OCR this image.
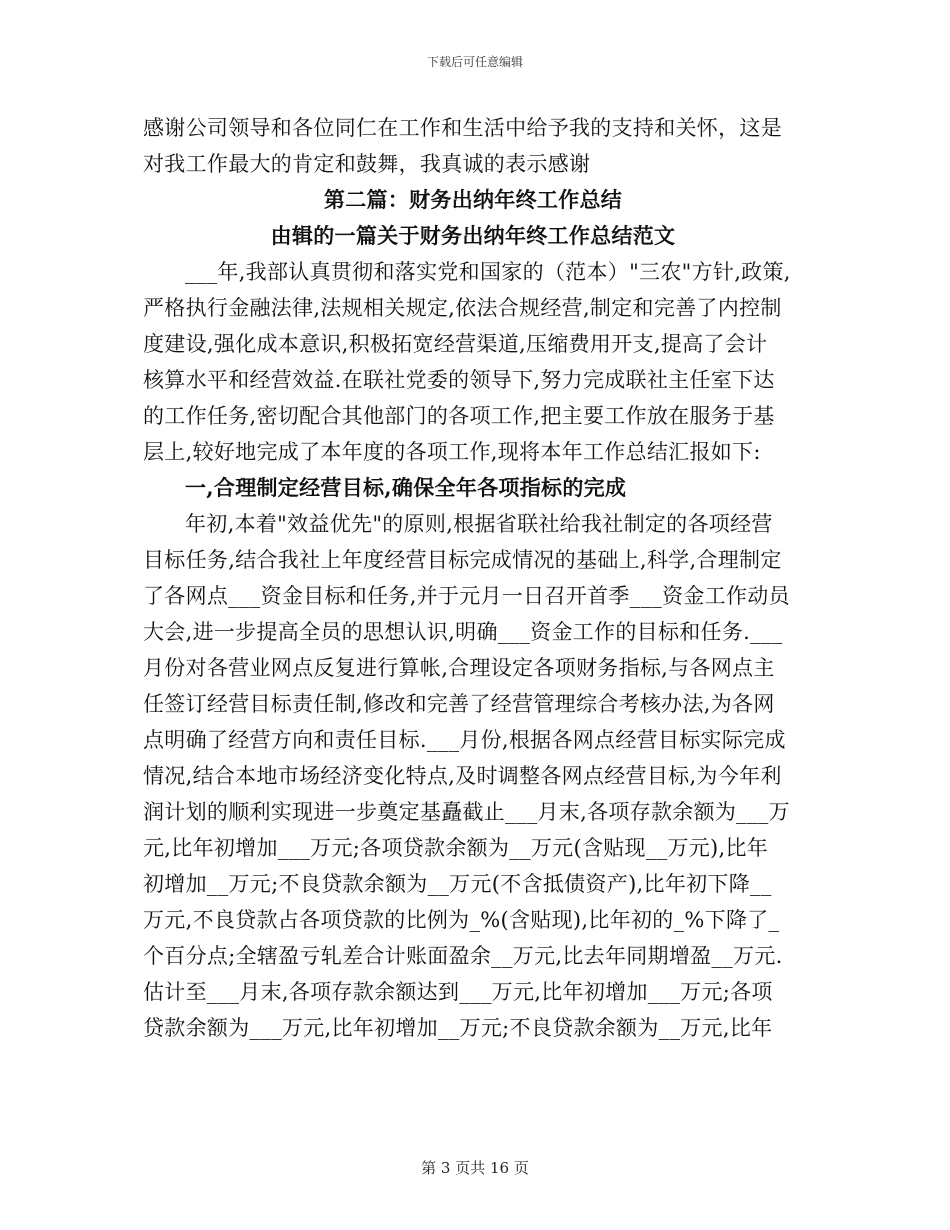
下载后可任意编辑
感谢公司领导和各位同仁在工作和生活中给予我的支持和关怀，这是
对我工作最大的肯定和鼓舞，我真诚的表示感谢
第二篇：财务出纳年终工作总结
由辑的一篇关于财务出纳年终工作总结范文
___年,我部认真贯彻和落实党和国家的（范本）"三农"方针,政策,
严格执行金融法律,法规相关规定,依法合规经营,制定和完善了内控制
度建设,强化成本意识,积极拓宽经营渠道,压缩费用开支,提高了会计
核算水平和经营效益.在联社党委的领导下,努力完成联社主任室下达
的工作任务,密切配合其他部门的各项工作,把主要工作放在服务于基
层上,较好地完成了本年度的各项工作,现将本年工作总结汇报如下:
一,合理制定经营目标,确保全年各项指标的完成
年初,本着"效益优先"的原则,根据省联社给我社制定的各项经营
目标任务,结合我社上年度经营目标完成情况的基础上,科学,合理制定
了各网点___资金目标和任务,并于元月一日召开首季___资金工作动员
大会,进一步提高全员的思想认识,明确___资金工作的目标和任务.___
月份对各营业网点反复进行算帐,合理设定各项财务指标,与各网点主
任签订经营目标责任制,修改和完善了经营管理综合考核办法,为各网
点明确了经营方向和责任目标.___月份,根据各网点经营目标实际完成
情况,结合本地市场经济变化特点,及时调整各网点经营目标,为今年利
润计划的顺利实现进一步奠定基矗截止___月末,各项存款余额为___万
元,比年初增加___万元;各项贷款余额为__万元(含贴现__万元),比年
初增加__万元;不良贷款余额为__万元(不含抵债资产),比年初下降__
万元,不良贷款占各项贷款的比例为_%(含贴现),比年初的_%下降了_
个百分点;全辖盈亏轧差合计账面盈余__万元,比去年同期增盈__万元.
估计至___月末,各项存款余额达到___万元,比年初增加___万元;各项
贷款余额为___万元,比年初增加__万元;不良贷款余额为__万元,比年
第 3 页共 16 页
